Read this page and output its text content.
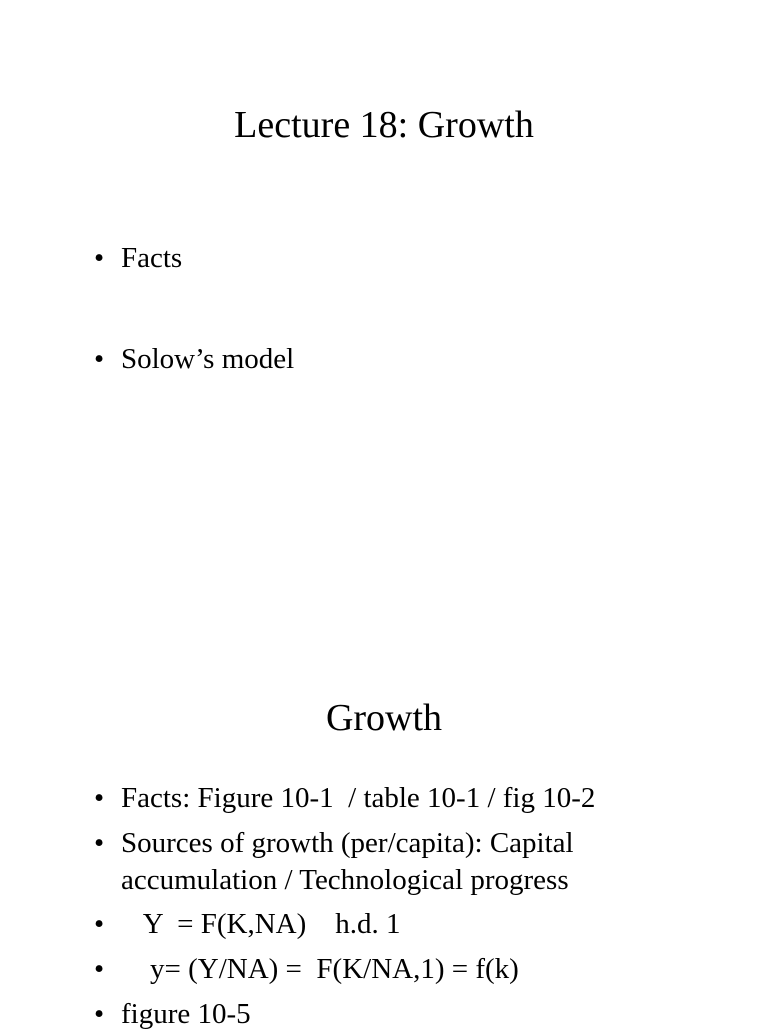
Lecture 18: Growth
• Facts
• Solow’s model
Growth
• Facts: Figure 10-1  / table 10-1 / fig 10-2
• Sources of growth (per/capita): Capital accumulation / Technological progress
• Y  = F(K,NA)    h.d. 1
• y= (Y/NA) =  F(K/NA,1) = f(k)
• figure 10-5
